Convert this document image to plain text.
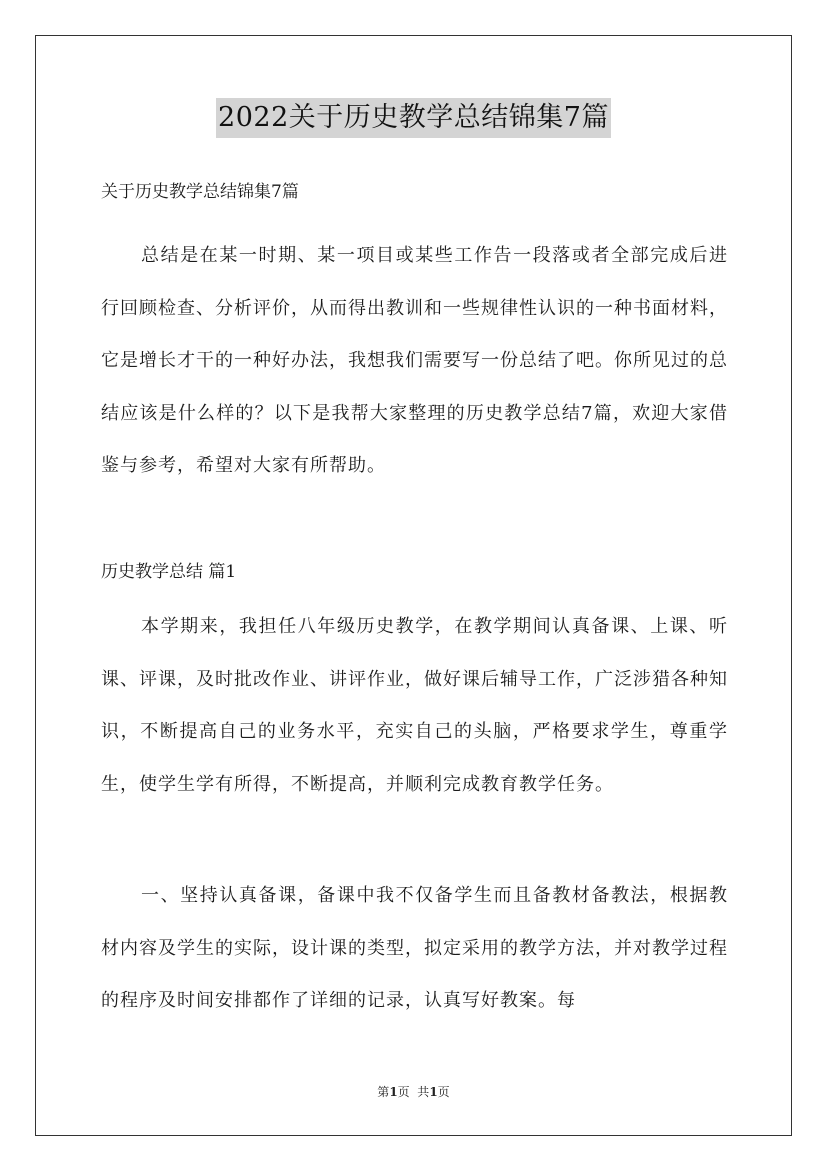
2022关于历史教学总结锦集7篇
关于历史教学总结锦集7篇

总结是在某一时期、某一项目或某些工作告一段落或者全部完成后进行回顾检查、分析评价，从而得出教训和一些规律性认识的一种书面材料，它是增长才干的一种好办法，我想我们需要写一份总结了吧。你所见过的总结应该是什么样的？以下是我帮大家整理的历史教学总结7篇，欢迎大家借鉴与参考，希望对大家有所帮助。

历史教学总结 篇1

本学期来，我担任八年级历史教学，在教学期间认真备课、上课、听课、评课，及时批改作业、讲评作业，做好课后辅导工作，广泛涉猎各种知识，不断提高自己的业务水平，充实自己的头脑，严格要求学生，尊重学生，使学生学有所得，不断提高，并顺利完成教育教学任务。

一、坚持认真备课，备课中我不仅备学生而且备教材备教法，根据教材内容及学生的实际，设计课的类型，拟定采用的教学方法，并对教学过程的程序及时间安排都作了详细的记录，认真写好教案。每

第1页  共1页
